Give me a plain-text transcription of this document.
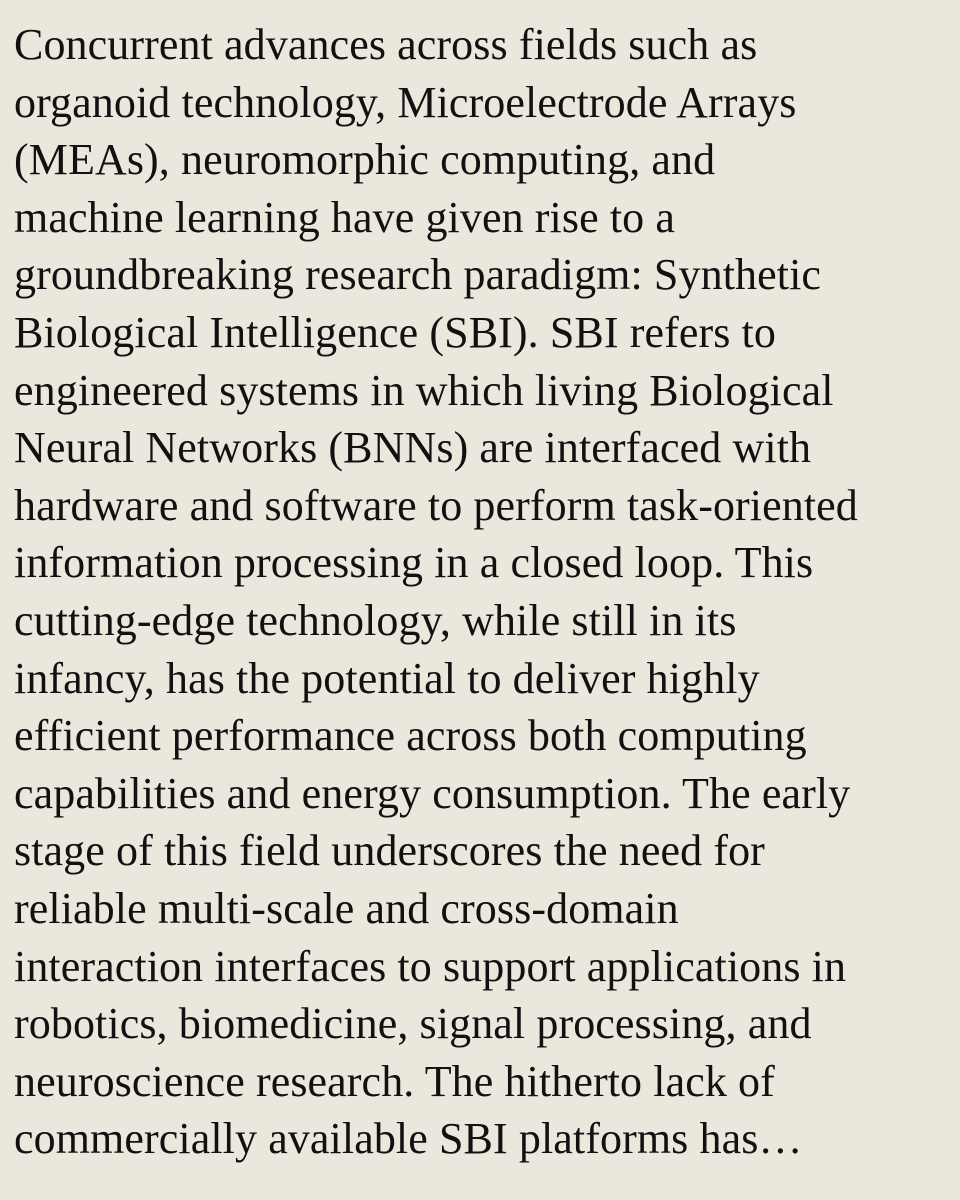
Concurrent advances across fields such as
organoid technology, Microelectrode Arrays
(MEAs), neuromorphic computing, and
machine learning have given rise to a
groundbreaking research paradigm: Synthetic
Biological Intelligence (SBI). SBI refers to
engineered systems in which living Biological
Neural Networks (BNNs) are interfaced with
hardware and software to perform task-oriented
information processing in a closed loop. This
cutting-edge technology, while still in its
infancy, has the potential to deliver highly
efficient performance across both computing
capabilities and energy consumption. The early
stage of this field underscores the need for
reliable multi-scale and cross-domain
interaction interfaces to support applications in
robotics, biomedicine, signal processing, and
neuroscience research. The hitherto lack of
commercially available SBI platforms has…
